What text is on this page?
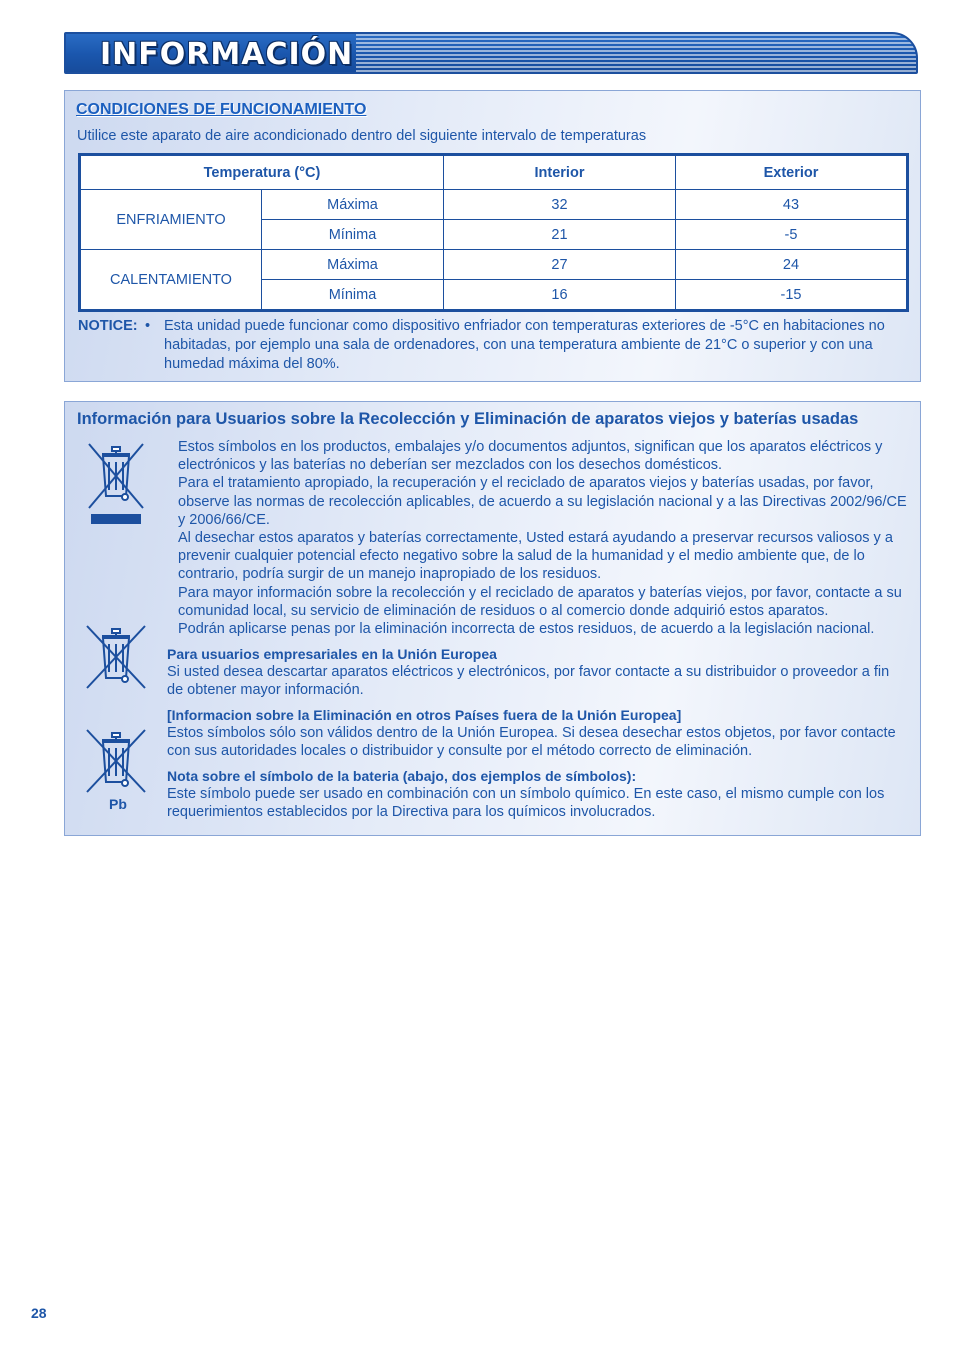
INFORMACIÓN
CONDICIONES DE FUNCIONAMIENTO
Utilice este aparato de aire acondicionado dentro del siguiente intervalo de temperaturas
Temperatura (°C)		Interior	Exterior
ENFRIAMIENTO	Máxima	32	43
	Mínima	21	-5
CALENTAMIENTO	Máxima	27	24
	Mínima	16	-15
NOTICE: • Esta unidad puede funcionar como dispositivo enfriador con temperaturas exteriores de -5°C en habitaciones no habitadas, por ejemplo una sala de ordenadores, con una temperatura ambiente de 21°C o superior y con una humedad máxima del 80%.
Información para Usuarios sobre la Recolección y Eliminación de aparatos viejos y baterías usadas

Estos símbolos en los productos, embalajes y/o documentos adjuntos, significan que los aparatos eléctricos y electrónicos y las baterías no deberían ser mezclados con los desechos domésticos.

Para el tratamiento apropiado, la recuperación y el reciclado de aparatos viejos y baterías usadas, por favor, observe las normas de recolección aplicables, de acuerdo a su legislación nacional y a las Directivas 2002/96/CE y 2006/66/CE.

Al desechar estos aparatos y baterías correctamente, Usted estará ayudando a preservar recursos valiosos y a prevenir cualquier potencial efecto negativo sobre la salud de la humanidad y el medio ambiente que, de lo contrario, podría surgir de un manejo inapropiado de los residuos.

Para mayor información sobre la recolección y el reciclado de aparatos y baterías viejos, por favor, contacte a su comunidad local, su servicio de eliminación de residuos o al comercio donde adquirió estos aparatos.

Podrán aplicarse penas por la eliminación incorrecta de estos residuos, de acuerdo a la legislación nacional.

Para usuarios empresariales en la Unión Europea

Si usted desea descartar aparatos eléctricos y electrónicos, por favor contacte a su distribuidor o proveedor a fin de obtener mayor información.

[Informacion sobre la Eliminación en otros Países fuera de la Unión Europea]

Estos símbolos sólo son válidos dentro de la Unión Europea. Si desea desechar estos objetos, por favor contacte con sus autoridades locales o distribuidor y consulte por el método correcto de eliminación.

Pb
Nota sobre el símbolo de la bateria (abajo, dos ejemplos de símbolos):

Este símbolo puede ser usado en combinación con un símbolo químico. En este caso, el mismo cumple con los requerimientos establecidos por la Directiva para los químicos involucrados.

28
